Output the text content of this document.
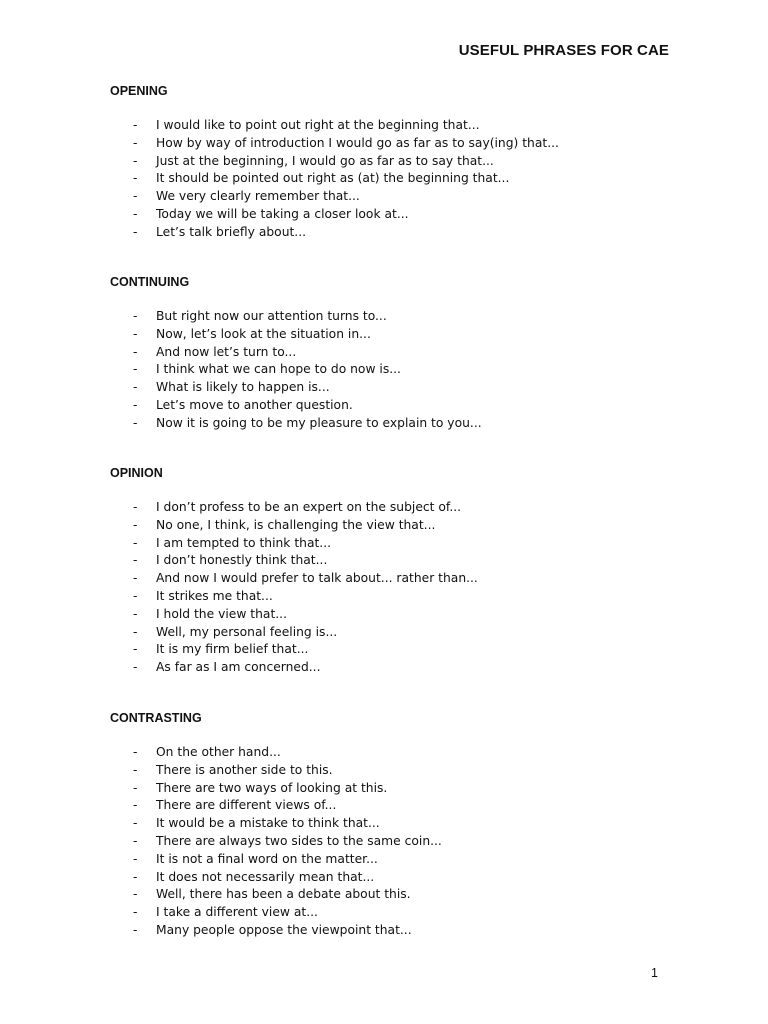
USEFUL PHRASES FOR CAE
OPENING
- I would like to point out right at the beginning that...
- How by way of introduction I would go as far as to say(ing) that...
- Just at the beginning, I would go as far as to say that...
- It should be pointed out right as (at) the beginning that...
- We very clearly remember that...
- Today we will be taking a closer look at...
- Let’s talk briefly about...
CONTINUING
- But right now our attention turns to...
- Now, let’s look at the situation in...
- And now let’s turn to...
- I think what we can hope to do now is...
- What is likely to happen is...
- Let’s move to another question.
- Now it is going to be my pleasure to explain to you...
OPINION
- I don’t profess to be an expert on the subject of...
- No one, I think, is challenging the view that...
- I am tempted to think that...
- I don’t honestly think that...
- And now I would prefer to talk about... rather than...
- It strikes me that...
- I hold the view that...
- Well, my personal feeling is...
- It is my firm belief that...
- As far as I am concerned...
CONTRASTING
- On the other hand...
- There is another side to this.
- There are two ways of looking at this.
- There are different views of...
- It would be a mistake to think that...
- There are always two sides to the same coin...
- It is not a final word on the matter...
- It does not necessarily mean that...
- Well, there has been a debate about this.
- I take a different view at...
- Many people oppose the viewpoint that...
1
